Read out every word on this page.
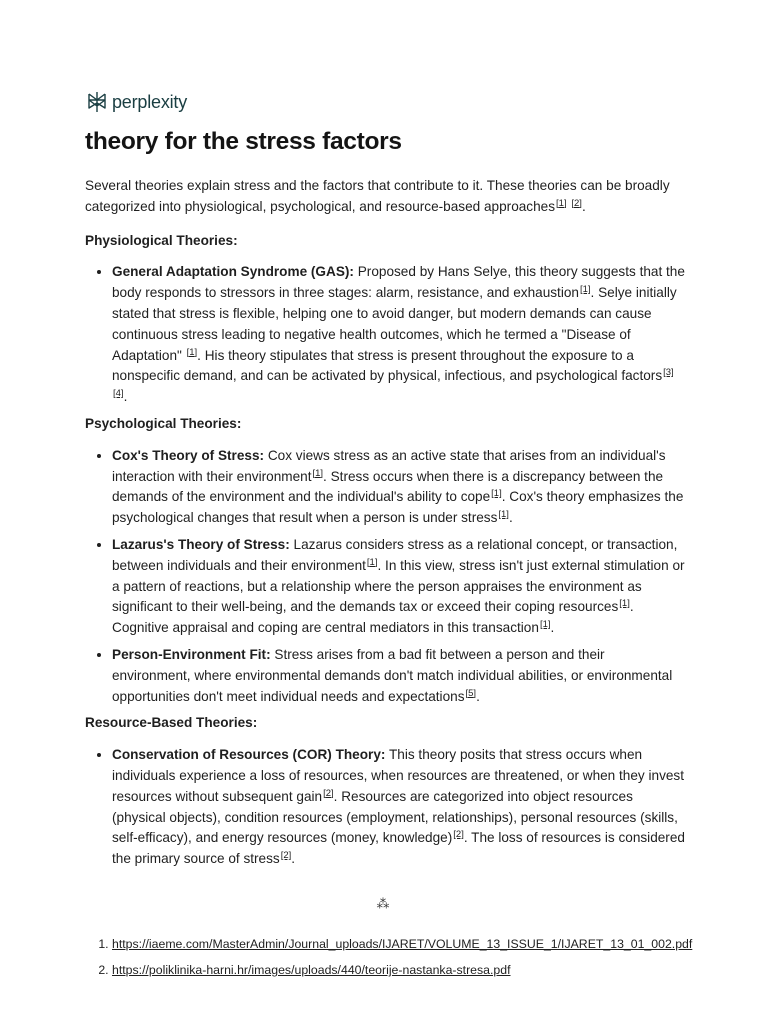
perplexity
theory for the stress factors

Several theories explain stress and the factors that contribute to it. These theories can be broadly categorized into physiological, psychological, and resource-based approaches[1] [2].

Physiological Theories:
• General Adaptation Syndrome (GAS): Proposed by Hans Selye, this theory suggests that the body responds to stressors in three stages: alarm, resistance, and exhaustion[1]. Selye initially stated that stress is flexible, helping one to avoid danger, but modern demands can cause continuous stress leading to negative health outcomes, which he termed a "Disease of Adaptation" [1]. His theory stipulates that stress is present throughout the exposure to a nonspecific demand, and can be activated by physical, infectious, and psychological factors[3] [4].
Psychological Theories:
• Cox's Theory of Stress: Cox views stress as an active state that arises from an individual's interaction with their environment[1]. Stress occurs when there is a discrepancy between the demands of the environment and the individual's ability to cope[1]. Cox's theory emphasizes the psychological changes that result when a person is under stress[1].
• Lazarus's Theory of Stress: Lazarus considers stress as a relational concept, or transaction, between individuals and their environment[1]. In this view, stress isn't just external stimulation or a pattern of reactions, but a relationship where the person appraises the environment as significant to their well-being, and the demands tax or exceed their coping resources[1]. Cognitive appraisal and coping are central mediators in this transaction[1].
• Person-Environment Fit: Stress arises from a bad fit between a person and their environment, where environmental demands don't match individual abilities, or environmental opportunities don't meet individual needs and expectations[5].
Resource-Based Theories:
• Conservation of Resources (COR) Theory: This theory posits that stress occurs when individuals experience a loss of resources, when resources are threatened, or when they invest resources without subsequent gain[2]. Resources are categorized into object resources (physical objects), condition resources (employment, relationships), personal resources (skills, self-efficacy), and energy resources (money, knowledge)[2]. The loss of resources is considered the primary source of stress[2].
⁂
1. https://iaeme.com/MasterAdmin/Journal_uploads/IJARET/VOLUME_13_ISSUE_1/IJARET_13_01_002.pdf
2. https://poliklinika-harni.hr/images/uploads/440/teorije-nastanka-stresa.pdf
